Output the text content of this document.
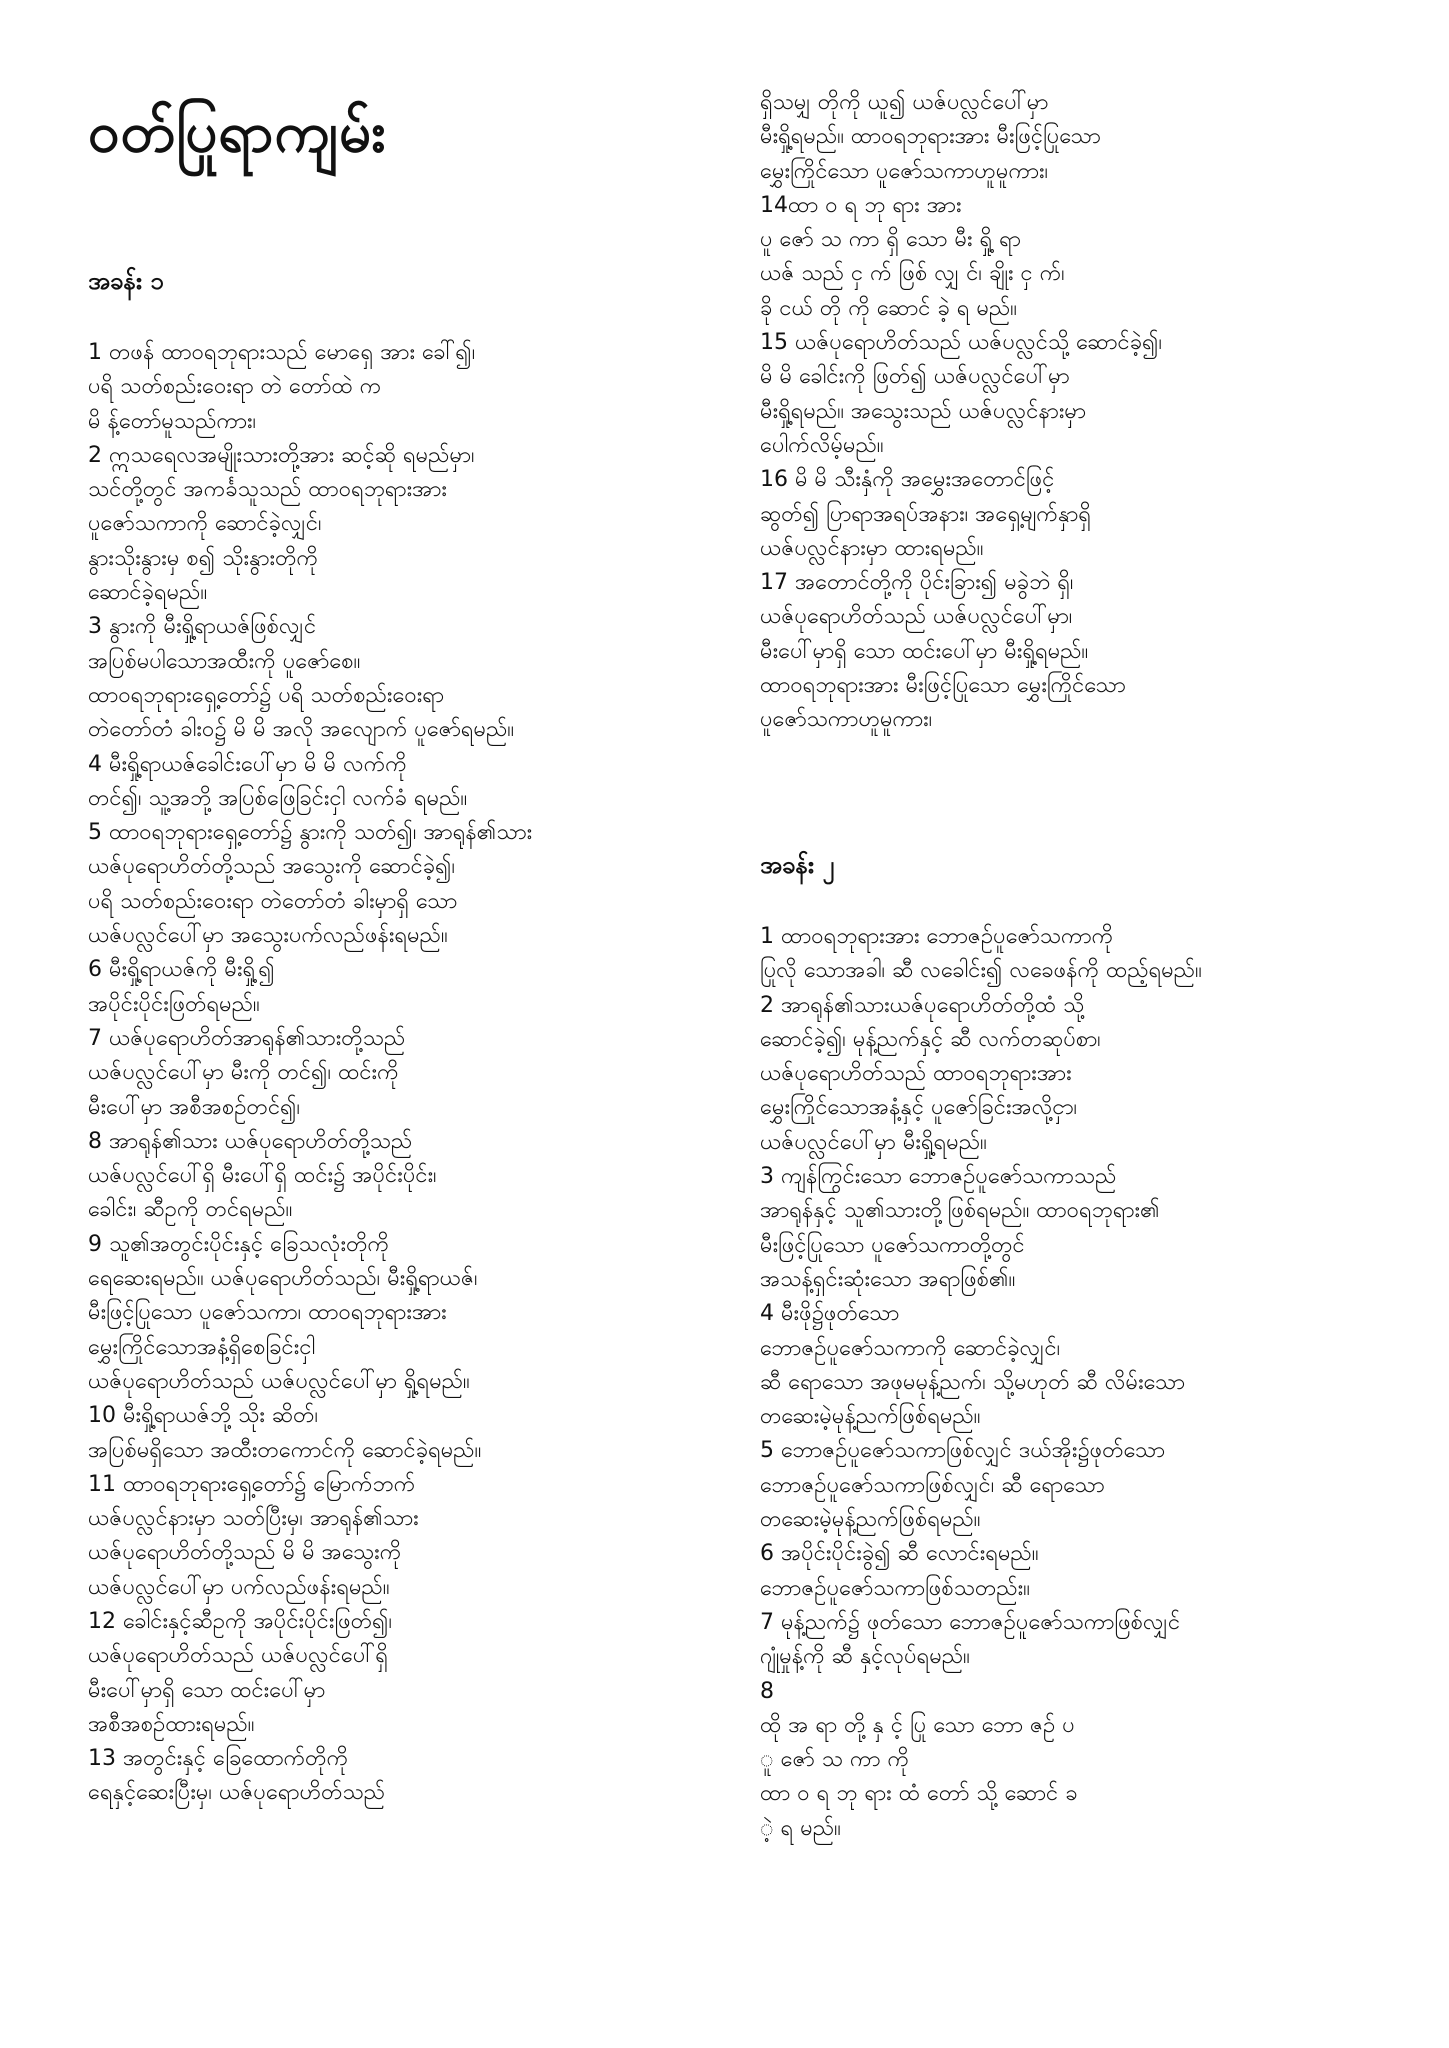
ဝတ်ပြုရာကျမ်း
အခန်း ၁

1 တဖန် ထာဝရဘုရားသည် မောရှေ အား ခေါ်၍၊
ပရိ သတ်စည်းဝေးရာ တဲ တော်ထဲ က
မိ န့်တော်မူသည်ကား၊
2 ဣသရေလအမျိုးသားတို့အား ဆင့်ဆို ရမည်မှာ၊
သင်တို့တွင် အကင်္ခသူသည် ထာဝရဘုရားအား
ပူဇော်သကာကို ဆောင်ခဲ့လျှင်၊
နွားသိုးနွားမှ စ၍ သိုးနွားတိုကို
ဆောင်ခဲ့ရမည်။
3 နွားကို မီးရှို့ရာယဇ်ဖြစ်လျှင်
အပြစ်မပါသောအထီးကို ပူဇော်စေ။
ထာဝရဘုရားရှေ့တော်၌ ပရိ သတ်စည်းဝေးရာ
တဲတော်တံ ခါးဝ၌ မိ မိ အလို အလျောက် ပူဇော်ရမည်။
4 မီးရှို့ရာယဇ်ခေါင်းပေါ်မှာ မိ မိ လက်ကို
တင်၍၊ သူ့အဘို့ အပြစ်ဖြေခြင်းငှါ လက်ခံ ရမည်။
5 ထာဝရဘုရားရှေ့တော်၌ နွားကို သတ်၍၊ အာရုန်၏သား
ယဇ်ပုရောဟိတ်တို့သည် အသွေးကို ဆောင်ခဲ့၍၊
ပရိ သတ်စည်းဝေးရာ တဲတော်တံ ခါးမှာရှိ သော
ယဇ်ပလ္လင်ပေါ်မှာ အသွေးပက်လည်ဖန်းရမည်။
6 မီးရှို့ရာယဇ်ကို မီးရှို့၍
အပိုင်းပိုင်းဖြတ်ရမည်။
7 ယဇ်ပုရောဟိတ်အာရုန်၏သားတို့သည်
ယဇ်ပလ္လင်ပေါ်မှာ မီးကို တင်၍၊ ထင်းကို
မီးပေါ်မှာ အစီအစဉ်တင်၍၊
8 အာရုန်၏သား ယဇ်ပုရောဟိတ်တို့သည်
ယဇ်ပလ္လင်ပေါ်ရှိ မီးပေါ်ရှိ ထင်း၌ အပိုင်းပိုင်း၊
ခေါင်း၊ ဆီဥကို တင်ရမည်။
9 သူ၏အတွင်းပိုင်းနှင့် ခြေသလုံးတိုကို
ရေဆေးရမည်။ ယဇ်ပုရောဟိတ်သည်၊ မီးရှို့ရာယဇ်၊
မီးဖြင့်ပြုသော ပူဇော်သကာ၊ ထာဝရဘုရားအား
မွှေးကြိုင်သောအနံ့ရှိစေခြင်းငှါ
ယဇ်ပုရောဟိတ်သည် ယဇ်ပလ္လင်ပေါ်မှာ ရှို့ရမည်။
10 မီးရှို့ရာယဇ်ဘို့ သိုး ဆိတ်၊
အပြစ်မရှိသော အထီးတကောင်ကို ဆောင်ခဲ့ရမည်။
11 ထာဝရဘုရားရှေ့တော်၌ မြောက်ဘက်
ယဇ်ပလ္လင်နားမှာ သတ်ပြီးမှ၊ အာရုန်၏သား
ယဇ်ပုရောဟိတ်တို့သည် မိ မိ အသွေးကို
ယဇ်ပလ္လင်ပေါ်မှာ ပက်လည်ဖန်းရမည်။
12 ခေါင်းနှင့်ဆီဥကို အပိုင်းပိုင်းဖြတ်၍၊
ယဇ်ပုရောဟိတ်သည် ယဇ်ပလ္လင်ပေါ်ရှိ
မီးပေါ်မှာရှိ သော ထင်းပေါ်မှာ
အစီအစဉ်ထားရမည်။
13 အတွင်းနှင့် ခြေထောက်တိုကို
ရေနှင့်ဆေးပြီးမှ၊ ယဇ်ပုရောဟိတ်သည်

ရှိသမျှ တိုကို ယူ၍ ယဇ်ပလ္လင်ပေါ်မှာ
မီးရှို့ရမည်။ ထာဝရဘုရားအား မီးဖြင့်ပြုသော
မွှေးကြိုင်သော ပူဇော်သကာဟူမူကား၊
14ထာ ဝ ရ ဘု ရား အား
ပူ ဇော် သ ကာ ရှိ သော မီး ရှို့ ရာ
ယဇ် သည် ငှ က် ဖြစ် လျှ င်၊ ချိုး ငှ က်၊
ခို ငယ် တို ကို ဆောင် ခဲ့ ရ မည်။
15 ယဇ်ပုရောဟိတ်သည် ယဇ်ပလ္လင်သို့ ဆောင်ခဲ့၍၊
မိ မိ ခေါင်းကို ဖြတ်၍ ယဇ်ပလ္လင်ပေါ်မှာ
မီးရှို့ရမည်။ အသွေးသည် ယဇ်ပလ္လင်နားမှာ
ပေါက်လိမ့်မည်။
16 မိ မိ သီးနှံကို အမွှေးအတောင်ဖြင့်
ဆွတ်၍ ပြာရာအရပ်အနား၊ အရှေ့မျက်နှာရှိ
ယဇ်ပလ္လင်နားမှာ ထားရမည်။
17 အတောင်တို့ကို ပိုင်းခြား၍ မခွဲဘဲ ရှိ၊
ယဇ်ပုရောဟိတ်သည် ယဇ်ပလ္လင်ပေါ်မှာ၊
မီးပေါ်မှာရှိ သော ထင်းပေါ်မှာ မီးရှို့ရမည်။
ထာဝရဘုရားအား မီးဖြင့်ပြုသော မွှေးကြိုင်သော
ပူဇော်သကာဟူမူကား၊

အခန်း ၂

1 ထာဝရဘုရားအား ဘောဇဉ်ပူဇော်သကာကို
ပြုလို သောအခါ၊ ဆီ လခေါင်း၍ လခေဖန်ကို ထည့်ရမည်။
2 အာရုန်၏သားယဇ်ပုရောဟိတ်တို့ထံ သို့
ဆောင်ခဲ့၍၊ မုန့်ညက်နှင့် ဆီ လက်တဆုပ်စာ၊
ယဇ်ပုရောဟိတ်သည် ထာဝရဘုရားအား
မွှေးကြိုင်သောအနံ့နှင့် ပူဇော်ခြင်းအလို့ငှာ၊
ယဇ်ပလ္လင်ပေါ်မှာ မီးရှို့ရမည်။
3 ကျန်ကြွင်းသော ဘောဇဉ်ပူဇော်သကာသည်
အာရုန်နှင့် သူ၏သားတို့ဖြစ်ရမည်။ ထာဝရဘုရား၏
မီးဖြင့်ပြုသော ပူဇော်သကာတို့တွင်
အသန့်ရှင်းဆုံးသော အရာဖြစ်၏။
4 မီးဖို၌ဖုတ်သော
ဘောဇဉ်ပူဇော်သကာကို ဆောင်ခဲ့လျှင်၊
ဆီ ရောသော အဖုမမုန့်ညက်၊ သို့မဟုတ် ဆီ လိမ်းသော
တဆေးမဲ့မုန့်ညက်ဖြစ်ရမည်။
5 ဘောဇဉ်ပူဇော်သကာဖြစ်လျှင် ဒယ်အိုး၌ဖုတ်သော
ဘောဇဉ်ပူဇော်သကာဖြစ်လျှင်၊ ဆီ ရောသော
တဆေးမဲ့မုန့်ညက်ဖြစ်ရမည်။
6 အပိုင်းပိုင်းခွဲ၍ ဆီ လောင်းရမည်။
ဘောဇဉ်ပူဇော်သကာဖြစ်သတည်း။
7 မုန့်ညက်၌ ဖုတ်သော ဘောဇဉ်ပူဇော်သကာဖြစ်လျှင်
ဂျုံမှုန့်ကို ဆီ နှင့်လုပ်ရမည်။
8
ထို အ ရာ တို့ နှ င့် ပြု သော ဘော ဇဉ် ပ
ူ ဇော် သ ကာ ကို
ထာ ဝ ရ ဘု ရား ထံ တော် သို့ ဆောင် ခ
ဲ့ ရ မည်။
